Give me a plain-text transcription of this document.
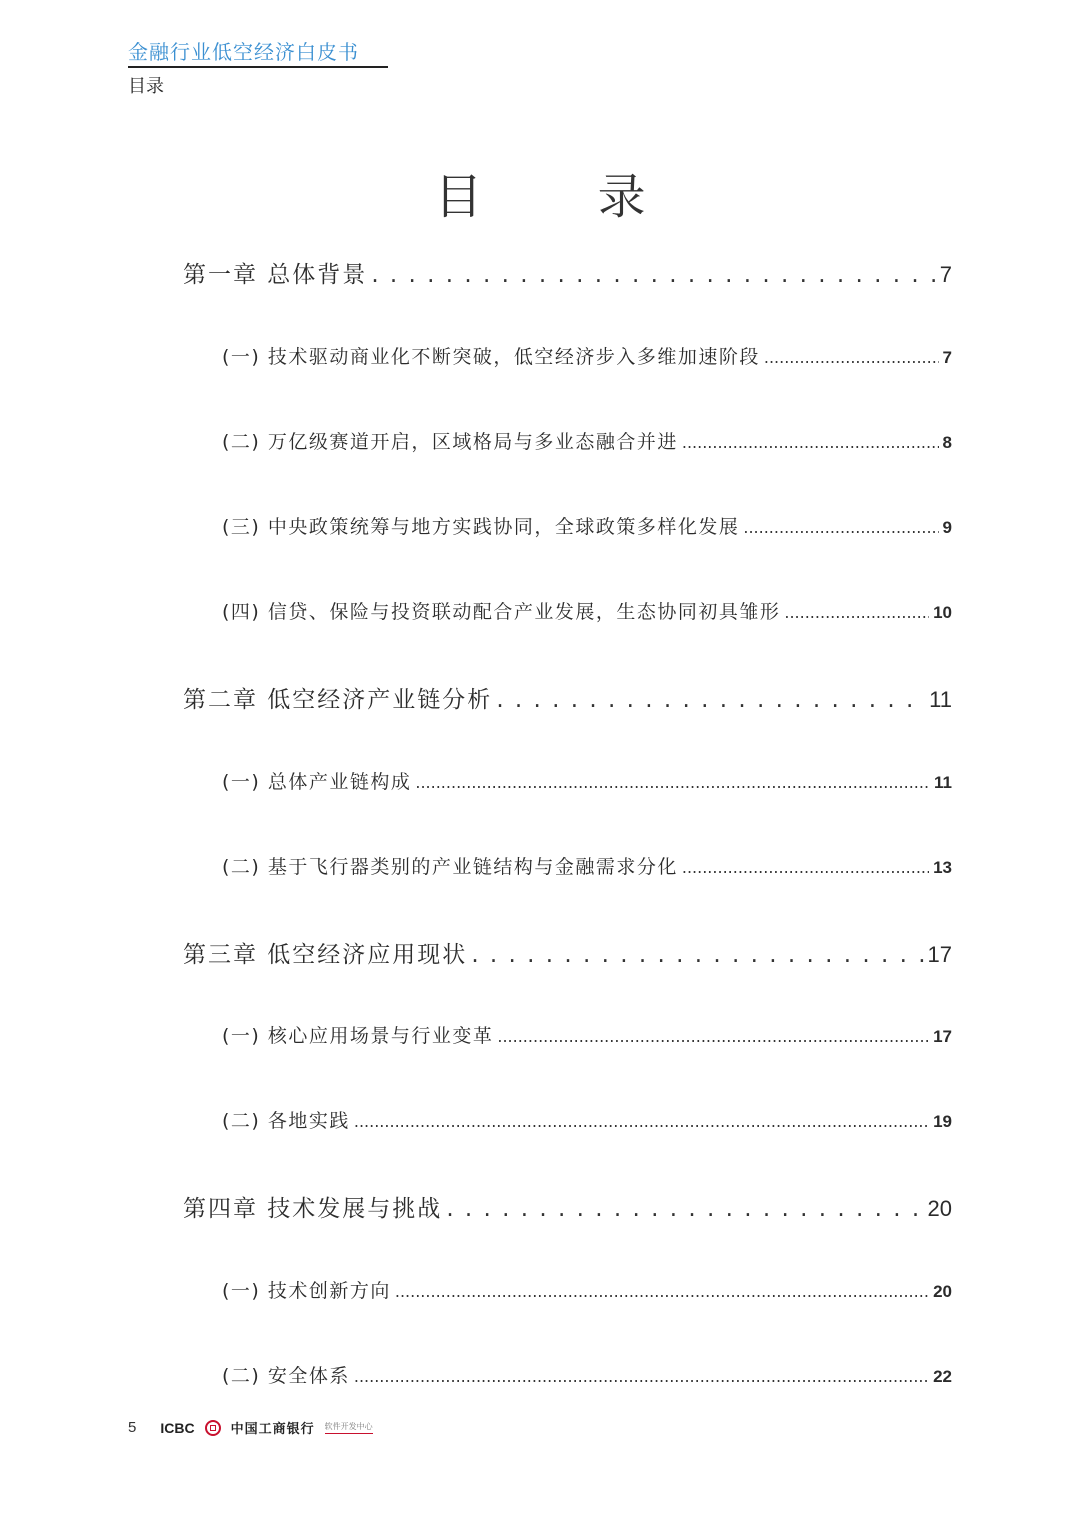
金融行业低空经济白皮书
目录
目 录
第一章 总体背景 . . .	7
(一) 技术驱动商业化不断突破，低空经济步入多维加速阶段 .....	7
(二) 万亿级赛道开启，区域格局与多业态融合并进 .....	8
(三) 中央政策统筹与地方实践协同，全球政策多样化发展 .....	9
(四) 信贷、保险与投资联动配合产业发展，生态协同初具雏形 .....	10
第二章 低空经济产业链分析 . . .	11
(一) 总体产业链构成 .....	11
(二) 基于飞行器类别的产业链结构与金融需求分化 .....	13
第三章 低空经济应用现状 . . .	17
(一) 核心应用场景与行业变革 .....	17
(二) 各地实践 .....	19
第四章 技术发展与挑战 . . .	20
(一) 技术创新方向 .....	20
(二) 安全体系 .....	22
5 ICBC	中国工商银行 软件开发中心
